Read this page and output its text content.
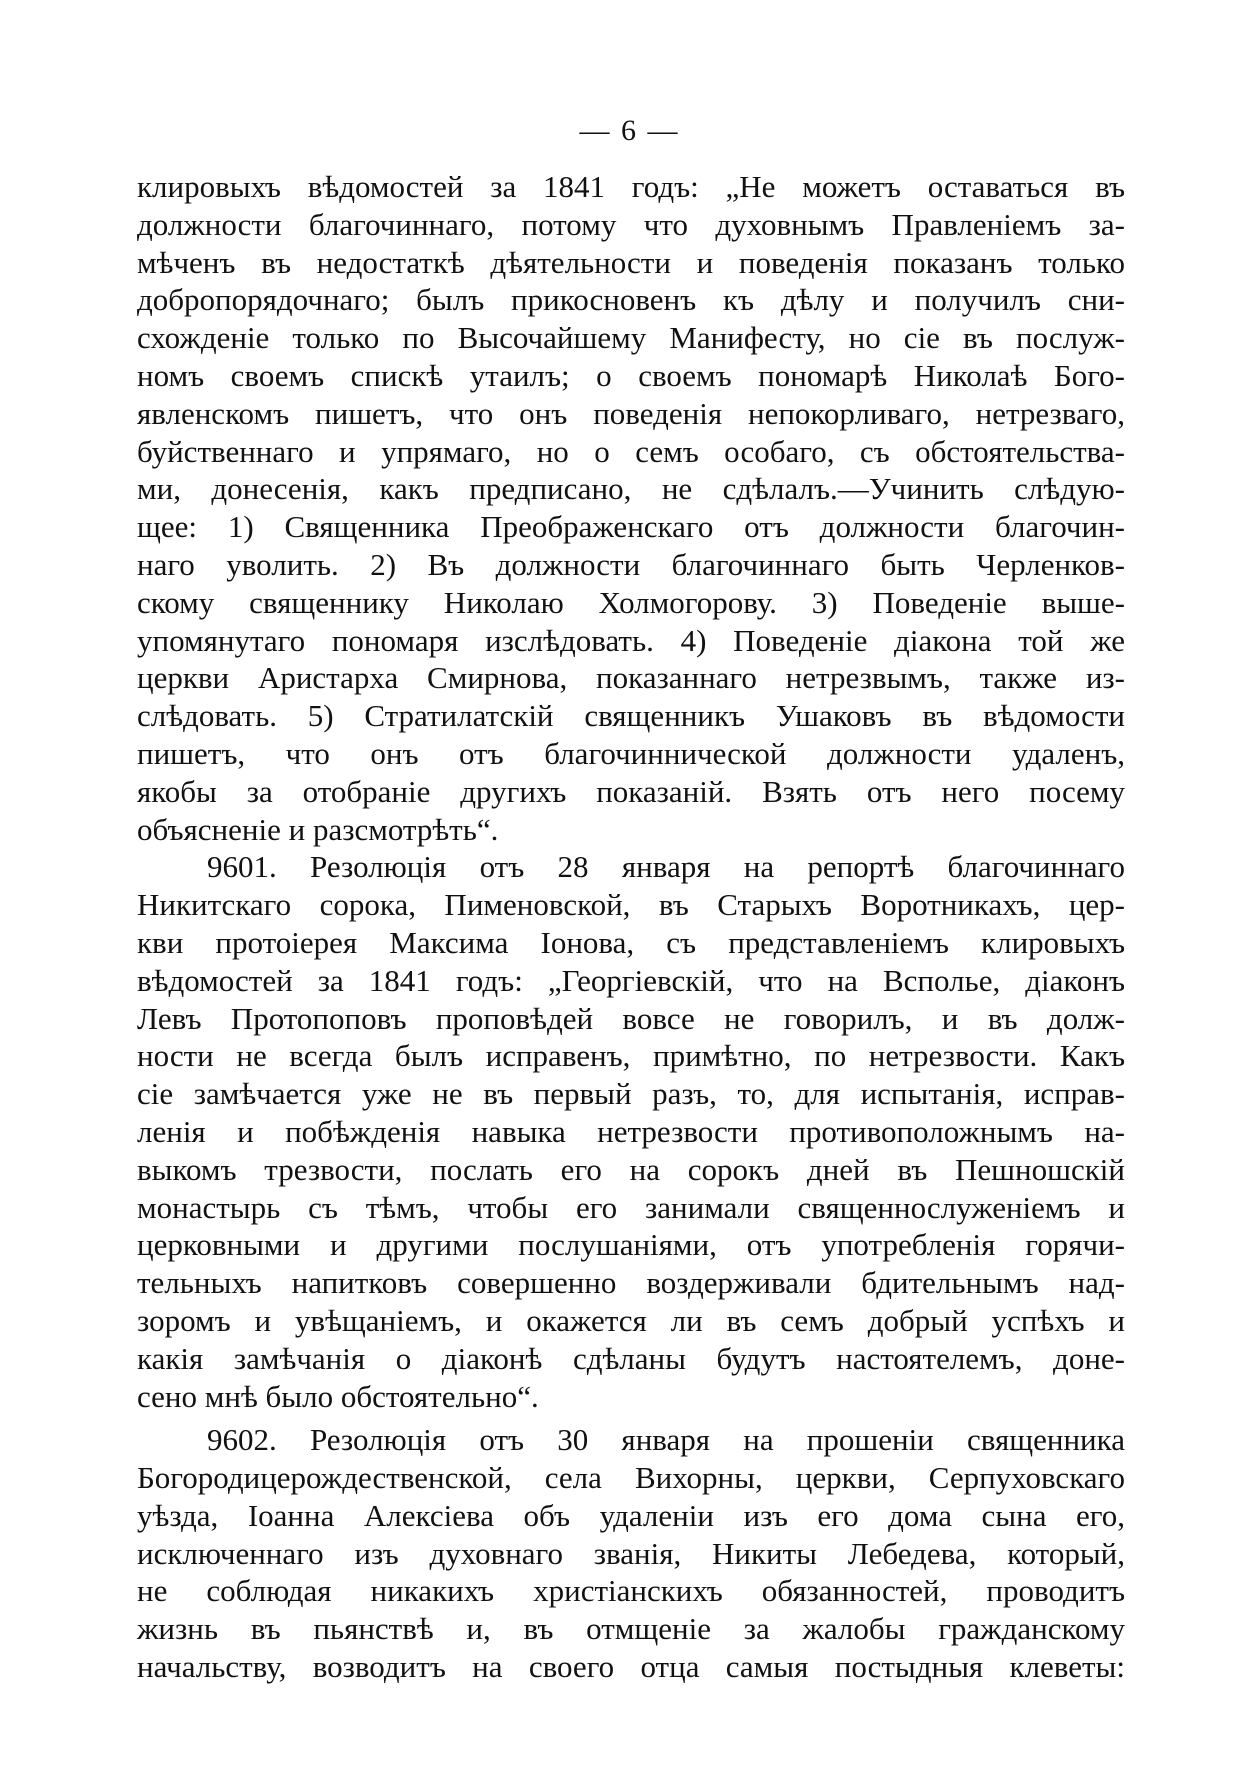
— 6 —
клировыхъ вѣдомостей за 1841 годъ: „Не можетъ оставаться въ
должности благочиннаго, потому что духовнымъ Правленіемъ за-
мѣченъ въ недостаткѣ дѣятельности и поведенія показанъ только
добропорядочнаго; былъ прикосновенъ къ дѣлу и получилъ сни-
схожденіе только по Высочайшему Манифесту, но сіе въ послуж-
номъ своемъ спискѣ утаилъ; о своемъ пономарѣ Николаѣ Бого-
явленскомъ пишетъ, что онъ поведенія непокорливаго, нетрезваго,
буйственнаго и упрямаго, но о семъ особаго, съ обстоятельства-
ми, донесенія, какъ предписано, не сдѣлалъ.—Учинить слѣдую-
щее: 1) Священника Преображенскаго отъ должности благочин-
наго уволить. 2) Въ должности благочиннаго быть Черленков-
скому священнику Николаю Холмогорову. 3) Поведеніе выше-
упомянутаго пономаря изслѣдовать. 4) Поведеніе діакона той же
церкви Аристарха Смирнова, показаннаго нетрезвымъ, также из-
слѣдовать. 5) Стратилатскій священникъ Ушаковъ въ вѣдомости
пишетъ, что онъ отъ благочиннической должности удаленъ,
якобы за отобраніе другихъ показаній. Взять отъ него посему
объясненіе и разсмотрѣть“.
9601. Резолюція отъ 28 января на репортѣ благочиннаго
Никитскаго сорока, Пименовской, въ Старыхъ Воротникахъ, цер-
кви протоіерея Максима Іонова, съ представленіемъ клировыхъ
вѣдомостей за 1841 годъ: „Георгіевскій, что на Всполье, діаконъ
Левъ Протопоповъ проповѣдей вовсе не говорилъ, и въ долж-
ности не всегда былъ исправенъ, примѣтно, по нетрезвости. Какъ
сіе замѣчается уже не въ первый разъ, то, для испытанія, исправ-
ленія и побѣжденія навыка нетрезвости противоположнымъ на-
выкомъ трезвости, послать его на сорокъ дней въ Пешношскій
монастырь съ тѣмъ, чтобы его занимали священнослуженіемъ и
церковными и другими послушаніями, отъ употребленія горячи-
тельныхъ напитковъ совершенно воздерживали бдительнымъ над-
зоромъ и увѣщаніемъ, и окажется ли въ семъ добрый успѣхъ и
какія замѣчанія о діаконѣ сдѣланы будутъ настоятелемъ, доне-
сено мнѣ было обстоятельно“.
9602. Резолюція отъ 30 января на прошеніи священника
Богородицерождественской, села Вихорны, церкви, Серпуховскаго
уѣзда, Іоанна Алексіева объ удаленіи изъ его дома сына его,
исключеннаго изъ духовнаго званія, Никиты Лебедева, который,
не соблюдая никакихъ христіанскихъ обязанностей, проводитъ
жизнь въ пьянствѣ и, въ отмщеніе за жалобы гражданскому
начальству, возводитъ на своего отца самыя постыдныя клеветы:
